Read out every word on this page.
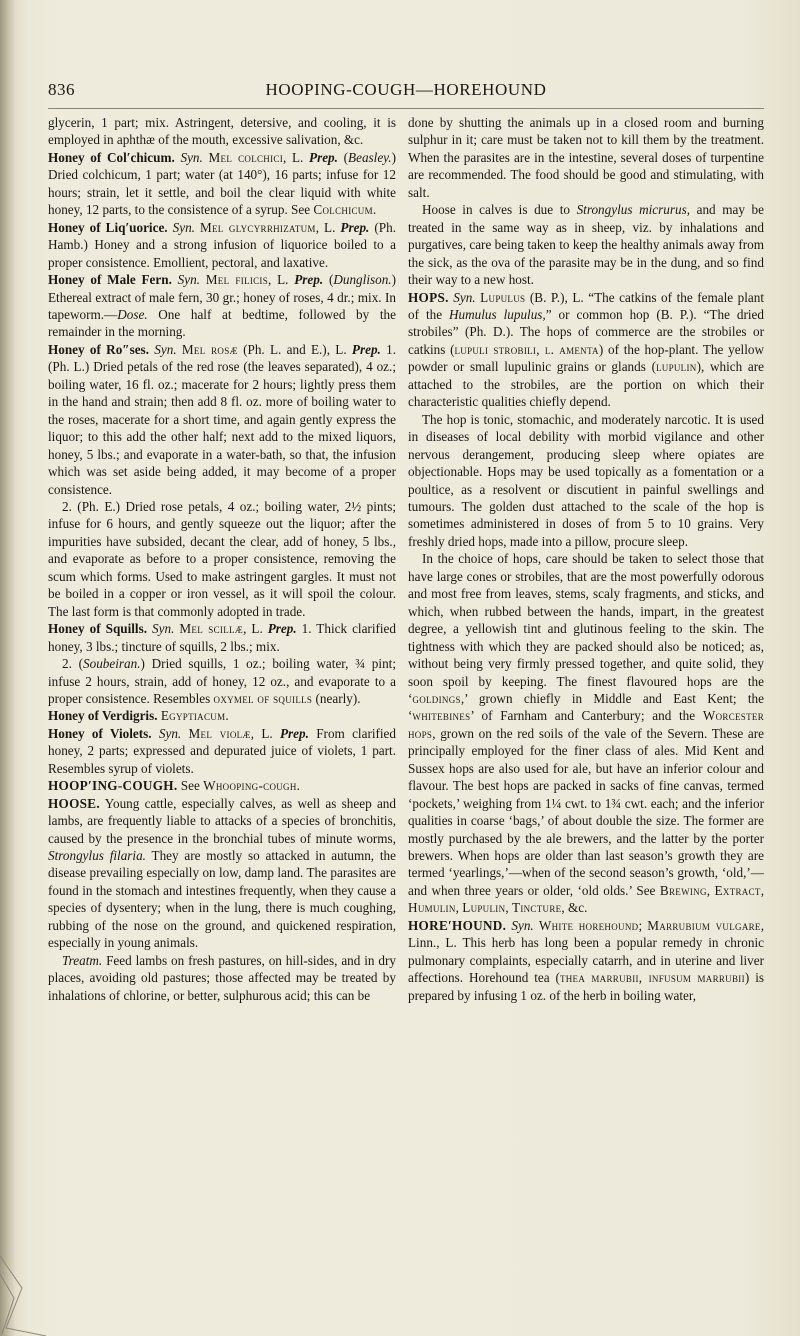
836	HOOPING-COUGH—HOREHOUND

glycerin, 1 part; mix. Astringent, detersive, and cooling, it is employed in aphthæ of the mouth, excessive salivation, &c.

Honey of Col′chicum. Syn. Mel colchici, L. Prep. (Beasley.) Dried colchicum, 1 part; water (at 140°), 16 parts; infuse for 12 hours; strain, let it settle, and boil the clear liquid with white honey, 12 parts, to the consistence of a syrup. See Colchicum.

Honey of Liq′uorice. Syn. Mel glycyrrhizatum, L. Prep. (Ph. Hamb.) Honey and a strong infusion of liquorice boiled to a proper consistence. Emollient, pectoral, and laxative.

Honey of Male Fern. Syn. Mel filicis, L. Prep. (Dunglison.) Ethereal extract of male fern, 30 gr.; honey of roses, 4 dr.; mix. In tapeworm.—Dose. One half at bedtime, followed by the remainder in the morning.

Honey of Ro″ses. Syn. Mel rosæ (Ph. L. and E.), L. Prep. 1. (Ph. L.) Dried petals of the red rose (the leaves separated), 4 oz.; boiling water, 16 fl. oz.; macerate for 2 hours; lightly press them in the hand and strain; then add 8 fl. oz. more of boiling water to the roses, macerate for a short time, and again gently express the liquor; to this add the other half; next add to the mixed liquors, honey, 5 lbs.; and evaporate in a water-bath, so that, the infusion which was set aside being added, it may become of a proper consistence.

2. (Ph. E.) Dried rose petals, 4 oz.; boiling water, 2½ pints; infuse for 6 hours, and gently squeeze out the liquor; after the impurities have subsided, decant the clear, add of honey, 5 lbs., and evaporate as before to a proper consistence, removing the scum which forms. Used to make astringent gargles. It must not be boiled in a copper or iron vessel, as it will spoil the colour. The last form is that commonly adopted in trade.

Honey of Squills. Syn. Mel scillæ, L. Prep. 1. Thick clarified honey, 3 lbs.; tincture of squills, 2 lbs.; mix.

2. (Soubeiran.) Dried squills, 1 oz.; boiling water, ¾ pint; infuse 2 hours, strain, add of honey, 12 oz., and evaporate to a proper consistence. Resembles oxymel of squills (nearly).

Honey of Verdigris. Egyptiacum.

Honey of Violets. Syn. Mel violæ, L. Prep. From clarified honey, 2 parts; expressed and depurated juice of violets, 1 part. Resembles syrup of violets.

HOOP′ING-COUGH. See Whooping-cough.

HOOSE. Young cattle, especially calves, as well as sheep and lambs, are frequently liable to attacks of a species of bronchitis, caused by the presence in the bronchial tubes of minute worms, Strongylus filaria. They are mostly so attacked in autumn, the disease prevailing especially on low, damp land. The parasites are found in the stomach and intestines frequently, when they cause a species of dysentery; when in the lung, there is much coughing, rubbing of the nose on the ground, and quickened respiration, especially in young animals.

Treatm. Feed lambs on fresh pastures, on hill-sides, and in dry places, avoiding old pastures; those affected may be treated by inhalations of chlorine, or better, sulphurous acid; this can be

done by shutting the animals up in a closed room and burning sulphur in it; care must be taken not to kill them by the treatment. When the parasites are in the intestine, several doses of turpentine are recommended. The food should be good and stimulating, with salt.

Hoose in calves is due to Strongylus micrurus, and may be treated in the same way as in sheep, viz. by inhalations and purgatives, care being taken to keep the healthy animals away from the sick, as the ova of the parasite may be in the dung, and so find their way to a new host.

HOPS. Syn. Lupulus (B. P.), L. “The catkins of the female plant of the Humulus lupulus,” or common hop (B. P.). “The dried strobiles” (Ph. D.). The hops of commerce are the strobiles or catkins (lupuli strobili, l. amenta) of the hop-plant. The yellow powder or small lupulinic grains or glands (lupulin), which are attached to the strobiles, are the portion on which their characteristic qualities chiefly depend.

The hop is tonic, stomachic, and moderately narcotic. It is used in diseases of local debility with morbid vigilance and other nervous derangement, producing sleep where opiates are objectionable. Hops may be used topically as a fomentation or a poultice, as a resolvent or discutient in painful swellings and tumours. The golden dust attached to the scale of the hop is sometimes administered in doses of from 5 to 10 grains. Very freshly dried hops, made into a pillow, procure sleep.

In the choice of hops, care should be taken to select those that have large cones or strobiles, that are the most powerfully odorous and most free from leaves, stems, scaly fragments, and sticks, and which, when rubbed between the hands, impart, in the greatest degree, a yellowish tint and glutinous feeling to the skin. The tightness with which they are packed should also be noticed; as, without being very firmly pressed together, and quite solid, they soon spoil by keeping. The finest flavoured hops are the ‘goldings,’ grown chiefly in Middle and East Kent; the ‘whitebines’ of Farnham and Canterbury; and the Worcester hops, grown on the red soils of the vale of the Severn. These are principally employed for the finer class of ales. Mid Kent and Sussex hops are also used for ale, but have an inferior colour and flavour. The best hops are packed in sacks of fine canvas, termed ‘pockets,’ weighing from 1¼ cwt. to 1¾ cwt. each; and the inferior qualities in coarse ‘bags,’ of about double the size. The former are mostly purchased by the ale brewers, and the latter by the porter brewers. When hops are older than last season’s growth they are termed ‘yearlings,’—when of the second season’s growth, ‘old,’—and when three years or older, ‘old olds.’ See Brewing, Extract, Humulin, Lupulin, Tincture, &c.

HORE′HOUND. Syn. White horehound; Marrubium vulgare, Linn., L. This herb has long been a popular remedy in chronic pulmonary complaints, especially catarrh, and in uterine and liver affections. Horehound tea (thea marrubii, infusum marrubii) is prepared by infusing 1 oz. of the herb in boiling water,
